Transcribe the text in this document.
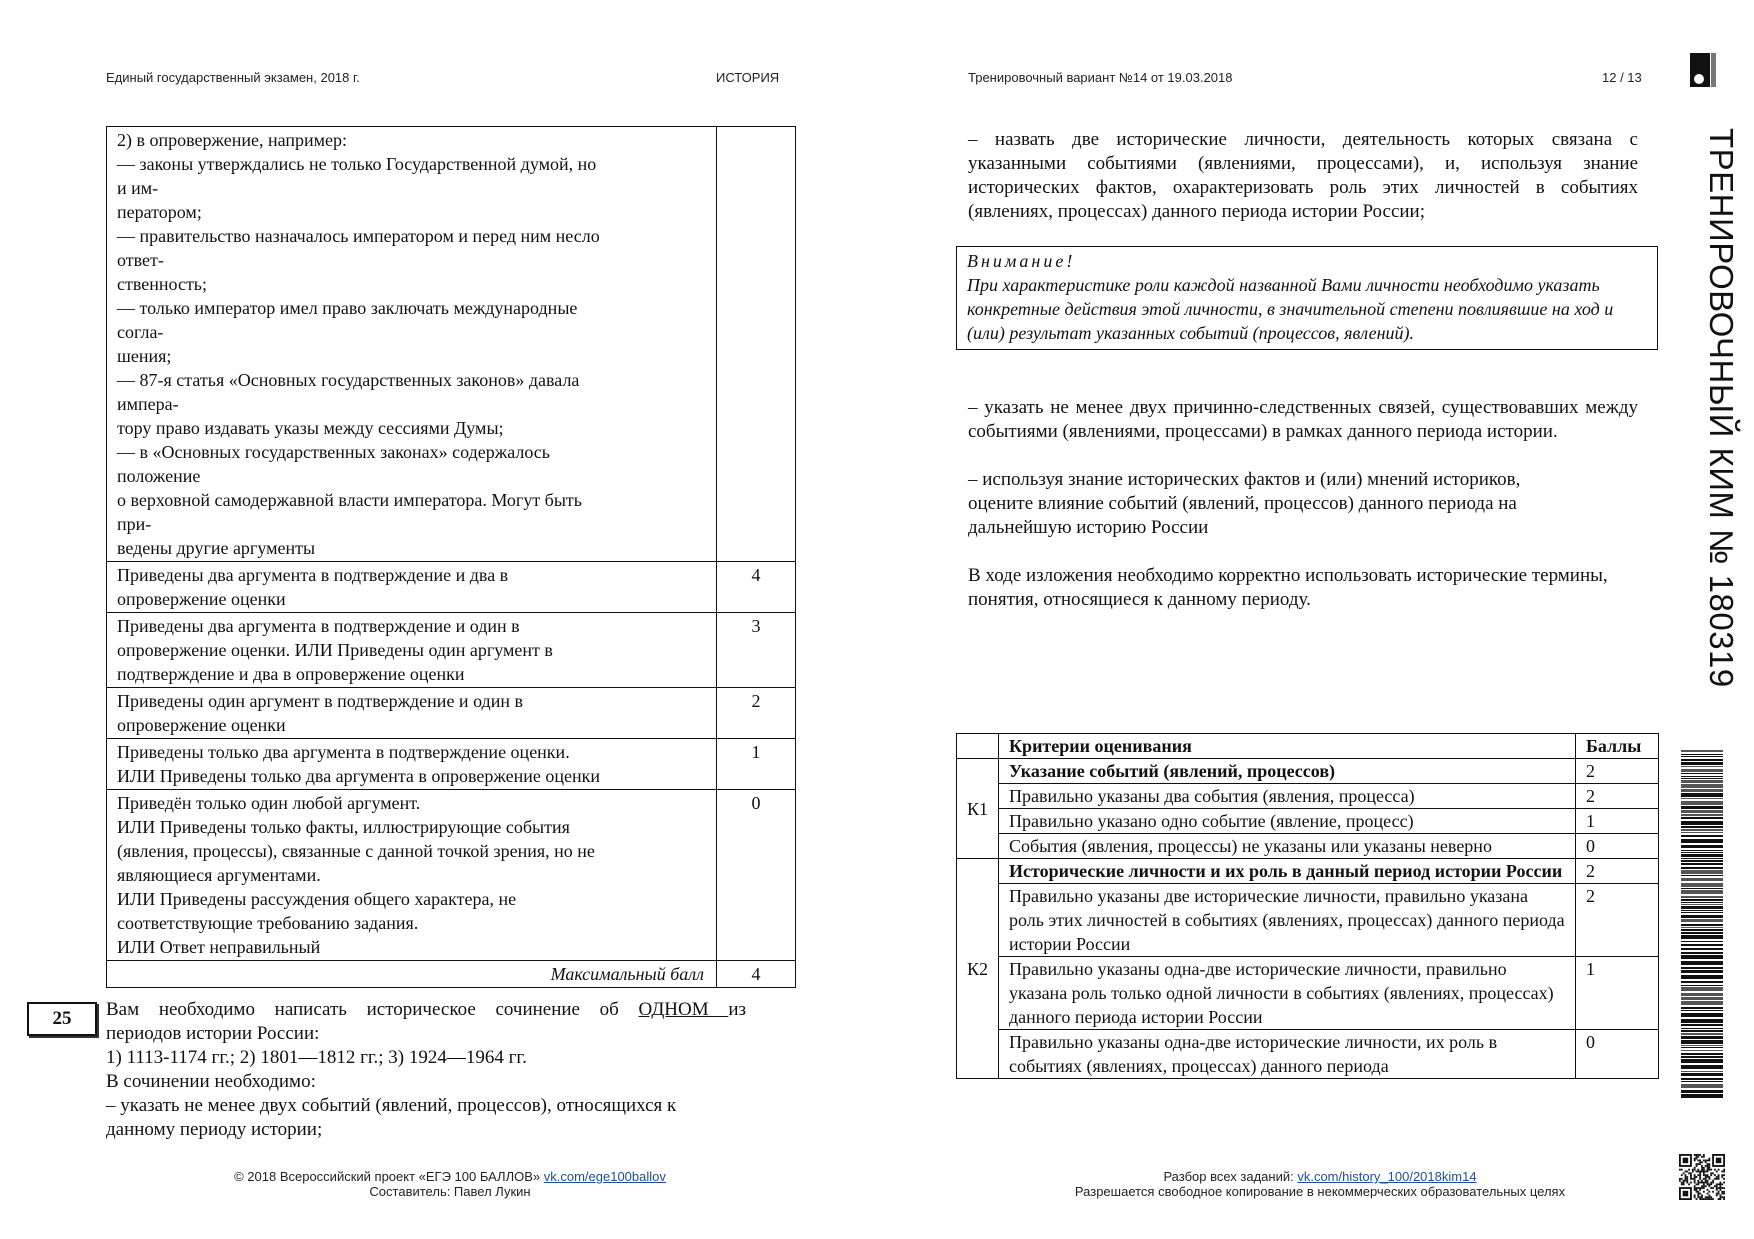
Единый государственный экзамен, 2018 г.	ИСТОРИЯ	Тренировочный вариант №14 от 19.03.2018	12 / 13
ТРЕНИРОВОЧНЫЙ КИМ № 180319
2) в опровержение, например:
— законы утверждались не только Государственной думой, но
и им-
ператором;
— правительство назначалось императором и перед ним несло
ответ-
ственность;
— только император имел право заключать международные
согла-
шения;
— 87-я статья «Основных государственных законов» давала
импера-
тору право издавать указы между сессиями Думы;
— в «Основных государственных законах» содержалось
положение
о верховной самодержавной власти императора. Могут быть
при-
ведены другие аргументы

Приведены два аргумента в подтверждение и два в
опровержение оценки	4

Приведены два аргумента в подтверждение и один в
опровержение оценки. ИЛИ Приведены один аргумент в
подтверждение и два в опровержение оценки	3

Приведены один аргумент в подтверждение и один в
опровержение оценки	2

Приведены только два аргумента в подтверждение оценки.
ИЛИ Приведены только два аргумента в опровержение оценки	1

Приведён только один любой аргумент.
ИЛИ Приведены только факты, иллюстрирующие события
(явления, процессы), связанные с данной точкой зрения, но не
являющиеся аргументами.
ИЛИ Приведены рассуждения общего характера, не
соответствующие требованию задания.
ИЛИ Ответ неправильный
	0
Максимальный балл	4
25	Вам необходимо написать историческое сочинение об ОДНОМ из
периодов истории России:
1) 1113-1174 гг.; 2) 1801—1812 гг.; 3) 1924—1964 гг.
В сочинении необходимо:
– указать не менее двух событий (явлений, процессов), относящихся к
данному периоду истории;
© 2018 Всероссийский проект «ЕГЭ 100 БАЛЛОВ» vk.com/ege100ballov
Составитель: Павел Лукин
– назвать две исторические личности, деятельность которых связана с указанными событиями (явлениями, процессами), и, используя знание исторических фактов, охарактеризовать роль этих личностей в событиях (явлениях, процессах) данного периода истории России;
Внимание!
При характеристике роли каждой названной Вами личности необходимо указать конкретные действия этой личности, в значительной степени повлиявшие на ход и (или) результат указанных событий (процессов, явлений).
– указать не менее двух причинно-следственных связей, существовавших между событиями (явлениями, процессами) в рамках данного периода истории.
– используя знание исторических фактов и (или) мнений историков, оцените влияние событий (явлений, процессов) данного периода на дальнейшую историю России
В ходе изложения необходимо корректно использовать исторические термины, понятия, относящиеся к данному периоду.
	Критерии оценивания	Баллы
К1	Указание событий (явлений, процессов)	2
	Правильно указаны два события (явления, процесса)	2
	Правильно указано одно событие (явление, процесс)	1
	События (явления, процессы) не указаны или указаны неверно	0
К2	Исторические личности и их роль в данный период истории России	2
	Правильно указаны две исторические личности, правильно указана роль этих личностей в событиях (явлениях, процессах) данного периода истории России	2
	Правильно указаны одна-две исторические личности, правильно указана роль только одной личности в событиях (явлениях, процессах) данного периода истории России	1
	Правильно указаны одна-две исторические личности, их роль в событиях (явлениях, процессах) данного периода	0
Разбор всех заданий: vk.com/history_100/2018kim14
Разрешается свободное копирование в некоммерческих образовательных целях
